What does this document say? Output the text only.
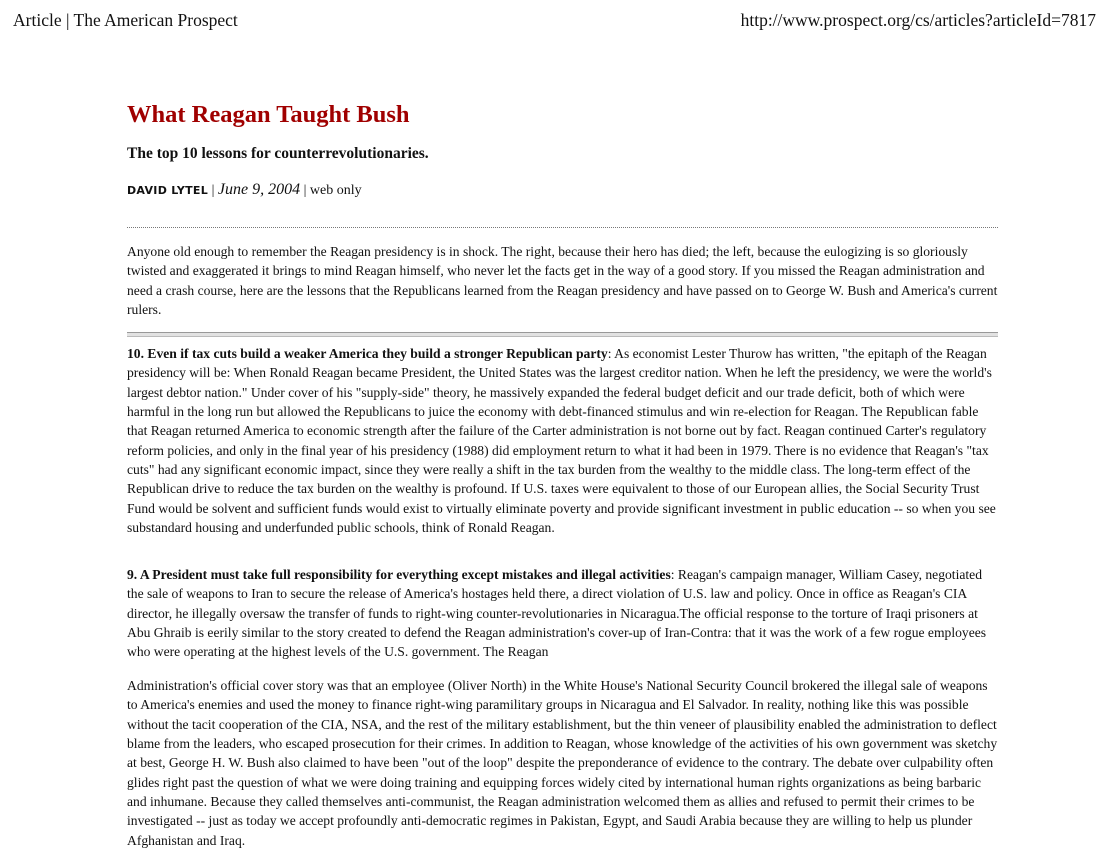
Article | The American Prospect	http://www.prospect.org/cs/articles?articleId=7817
What Reagan Taught Bush
The top 10 lessons for counterrevolutionaries.
DAVID LYTEL | June 9, 2004 | web only

Anyone old enough to remember the Reagan presidency is in shock. The right, because their hero has died; the left, because the eulogizing is so gloriously twisted and exaggerated it brings to mind Reagan himself, who never let the facts get in the way of a good story. If you missed the Reagan administration and need a crash course, here are the lessons that the Republicans learned from the Reagan presidency and have passed on to George W. Bush and America's current rulers.

10. Even if tax cuts build a weaker America they build a stronger Republican party: As economist Lester Thurow has written, "the epitaph of the Reagan presidency will be: When Ronald Reagan became President, the United States was the largest creditor nation. When he left the presidency, we were the world's largest debtor nation." Under cover of his "supply-side" theory, he massively expanded the federal budget deficit and our trade deficit, both of which were harmful in the long run but allowed the Republicans to juice the economy with debt-financed stimulus and win re-election for Reagan. The Republican fable that Reagan returned America to economic strength after the failure of the Carter administration is not borne out by fact. Reagan continued Carter's regulatory reform policies, and only in the final year of his presidency (1988) did employment return to what it had been in 1979. There is no evidence that Reagan's "tax cuts" had any significant economic impact, since they were really a shift in the tax burden from the wealthy to the middle class. The long-term effect of the Republican drive to reduce the tax burden on the wealthy is profound. If U.S. taxes were equivalent to those of our European allies, the Social Security Trust Fund would be solvent and sufficient funds would exist to virtually eliminate poverty and provide significant investment in public education -- so when you see substandard housing and underfunded public schools, think of Ronald Reagan.

9. A President must take full responsibility for everything except mistakes and illegal activities: Reagan's campaign manager, William Casey, negotiated the sale of weapons to Iran to secure the release of America's hostages held there, a direct violation of U.S. law and policy. Once in office as Reagan's CIA director, he illegally oversaw the transfer of funds to right-wing counter-revolutionaries in Nicaragua.The official response to the torture of Iraqi prisoners at Abu Ghraib is eerily similar to the story created to defend the Reagan administration's cover-up of Iran-Contra: that it was the work of a few rogue employees who were operating at the highest levels of the U.S. government. The Reagan

Administration's official cover story was that an employee (Oliver North) in the White House's National Security Council brokered the illegal sale of weapons to America's enemies and used the money to finance right-wing paramilitary groups in Nicaragua and El Salvador. In reality, nothing like this was possible without the tacit cooperation of the CIA, NSA, and the rest of the military establishment, but the thin veneer of plausibility enabled the administration to deflect blame from the leaders, who escaped prosecution for their crimes. In addition to Reagan, whose knowledge of the activities of his own government was sketchy at best, George H. W. Bush also claimed to have been "out of the loop" despite the preponderance of evidence to the contrary. The debate over culpability often glides right past the question of what we were doing training and equipping forces widely cited by international human rights organizations as being barbaric and inhumane. Because they called themselves anti-communist, the Reagan administration welcomed them as allies and refused to permit their crimes to be investigated -- just as today we accept profoundly anti-democratic regimes in Pakistan, Egypt, and Saudi Arabia because they are willing to help us plunder Afghanistan and Iraq.
